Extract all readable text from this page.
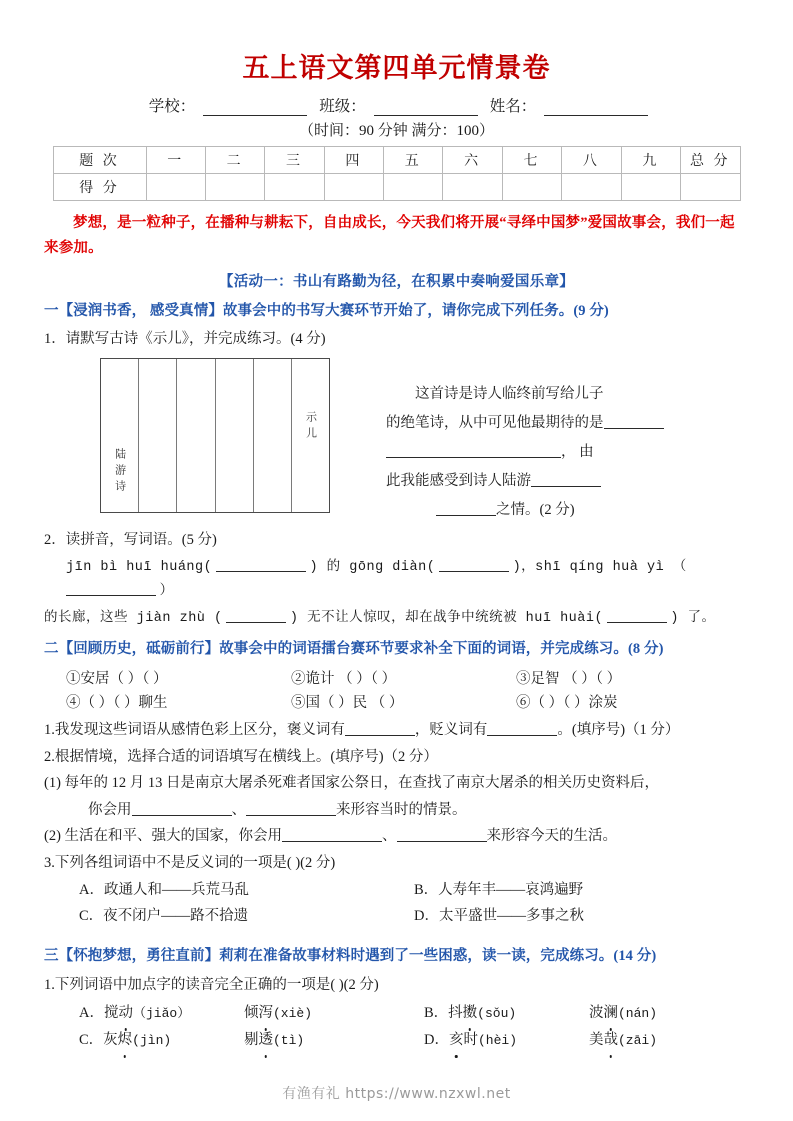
五上语文第四单元情景卷
学校：	班级：	姓名：
（时间：90 分钟 满分：100）
题 次	一	二	三	四	五	六	七	八	九	总 分
得 分										

梦想，是一粒种子，在播种与耕耘下，自由成长，今天我们将开展“寻绎中国梦”爱国故事会，我们一起来参加。

【活动一：书山有路勤为径，在积累中奏响爱国乐章】
一【浸润书香， 感受真情】故事会中的书写大赛环节开始了，请你完成下列任务。(9 分)
1．请默写古诗《示儿》，并完成练习。(4 分)
陆游诗
示儿
这首诗是诗人临终前写给儿子
的绝笔诗，从中可见他最期待的是
， 由
此我能感受到诗人陆游
之情。(2 分)
2．读拼音，写词语。(5 分)
jīn bì huī huáng(	) 的 gōng diàn(	)，shī qíng huà yì （  ）
的长廊，这些 jiàn zhù (	) 无不让人惊叹，却在战争中统统被 huī huài(	) 了。
二【回顾历史，砥砺前行】故事会中的词语擂台赛环节要求补全下面的词语，并完成练习。(8 分)
①安居（ ）（ ）	②诡计 （ ）（ ）	③足智 （ ）（ ）
④（ ）（ ）聊生	⑤国（ ）民 （ ）	⑥（ ）（ ）涂炭
1.我发现这些词语从感情色彩上区分，褒义词有	，贬义词有	。(填序号)（1 分）
2.根据情境，选择合适的词语填写在横线上。(填序号)（2 分）
(1) 每年的 12 月 13 日是南京大屠杀死难者国家公祭日，在查找了南京大屠杀的相关历史资料后，
你会用	、	来形容当时的情景。
(2) 生活在和平、强大的国家，你会用	、	来形容今天的生活。
3.下列各组词语中不是反义词的一项是( )(2 分)
A．政通人和——兵荒马乱	B．人寿年丰——哀鸿遍野
C．夜不闭户——路不拾遗	D．太平盛世——多事之秋
三【怀抱梦想，勇往直前】莉莉在准备故事材料时遇到了一些困惑，读一读，完成练习。(14 分)
1.下列词语中加点字的读音完全正确的一项是( )(2 分)
A．搅动（jiǎo）	倾泻(xiè)	B．抖擞(sǒu)	波澜(nán)
C．灰烬(jìn)	剔透(tì)	D．亥时(hèi)	美哉(zāi)
有渔有礼 https://www.nzxwl.net
